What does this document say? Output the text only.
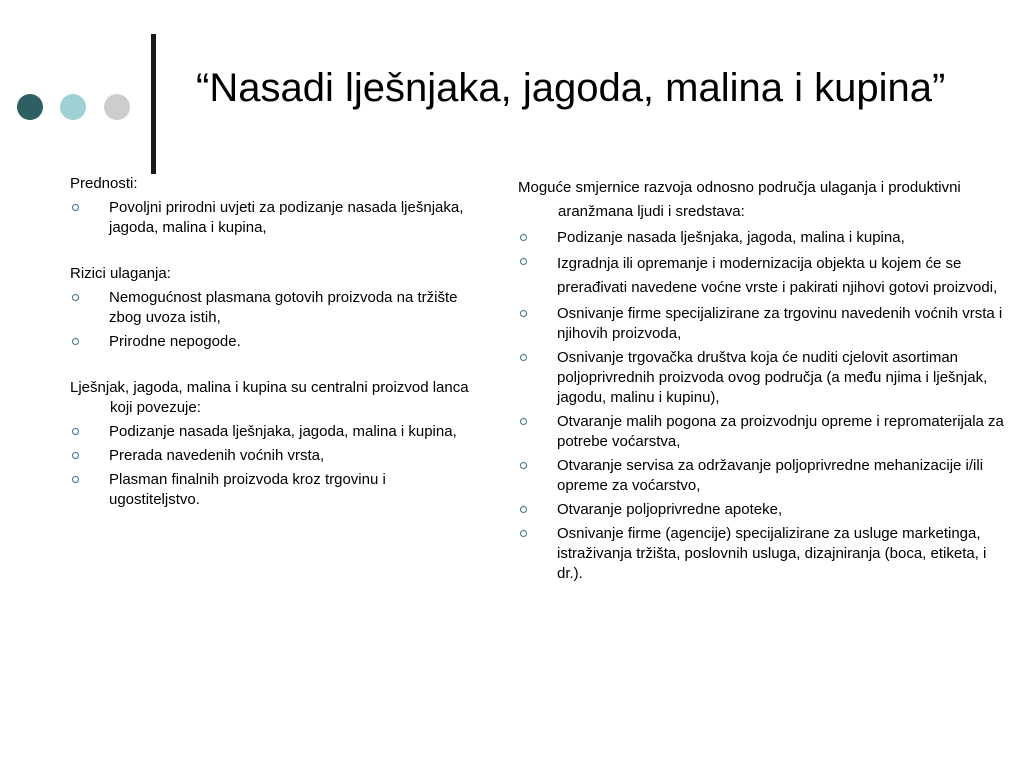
“Nasadi lješnjaka, jagoda, malina i kupina”

Prednosti:

Povoljni prirodni uvjeti za podizanje nasada lješnjaka, jagoda, malina i kupina,

Rizici ulaganja:

Nemogućnost plasmana gotovih proizvoda na tržište zbog uvoza istih,
Prirodne nepogode.

Lješnjak, jagoda, malina i kupina su centralni proizvod lanca koji povezuje:

Podizanje nasada lješnjaka, jagoda, malina i kupina,
Prerada navedenih voćnih vrsta,
Plasman finalnih proizvoda kroz trgovinu i ugostiteljstvo.

Moguće smjernice razvoja odnosno područja ulaganja i produktivni aranžmana ljudi i sredstava:

Podizanje nasada lješnjaka, jagoda, malina i kupina,
Izgradnja ili opremanje i modernizacija objekta u kojem će se prerađivati navedene voćne vrste i pakirati njihovi gotovi proizvodi,
Osnivanje firme specijalizirane za trgovinu navedenih voćnih vrsta i njihovih proizvoda,
Osnivanje trgovačka društva koja će nuditi cjelovit asortiman poljoprivrednih proizvoda ovog područja (a među njima i lješnjak, jagodu, malinu i kupinu),
Otvaranje malih pogona za proizvodnju opreme i repromaterijala za potrebe voćarstva,
Otvaranje servisa za održavanje poljoprivredne mehanizacije i/ili opreme za voćarstvo,
Otvaranje poljoprivredne apoteke,
Osnivanje firme (agencije) specijalizirane za usluge marketinga, istraživanja tržišta, poslovnih usluga, dizajniranja (boca, etiketa, i dr.).
